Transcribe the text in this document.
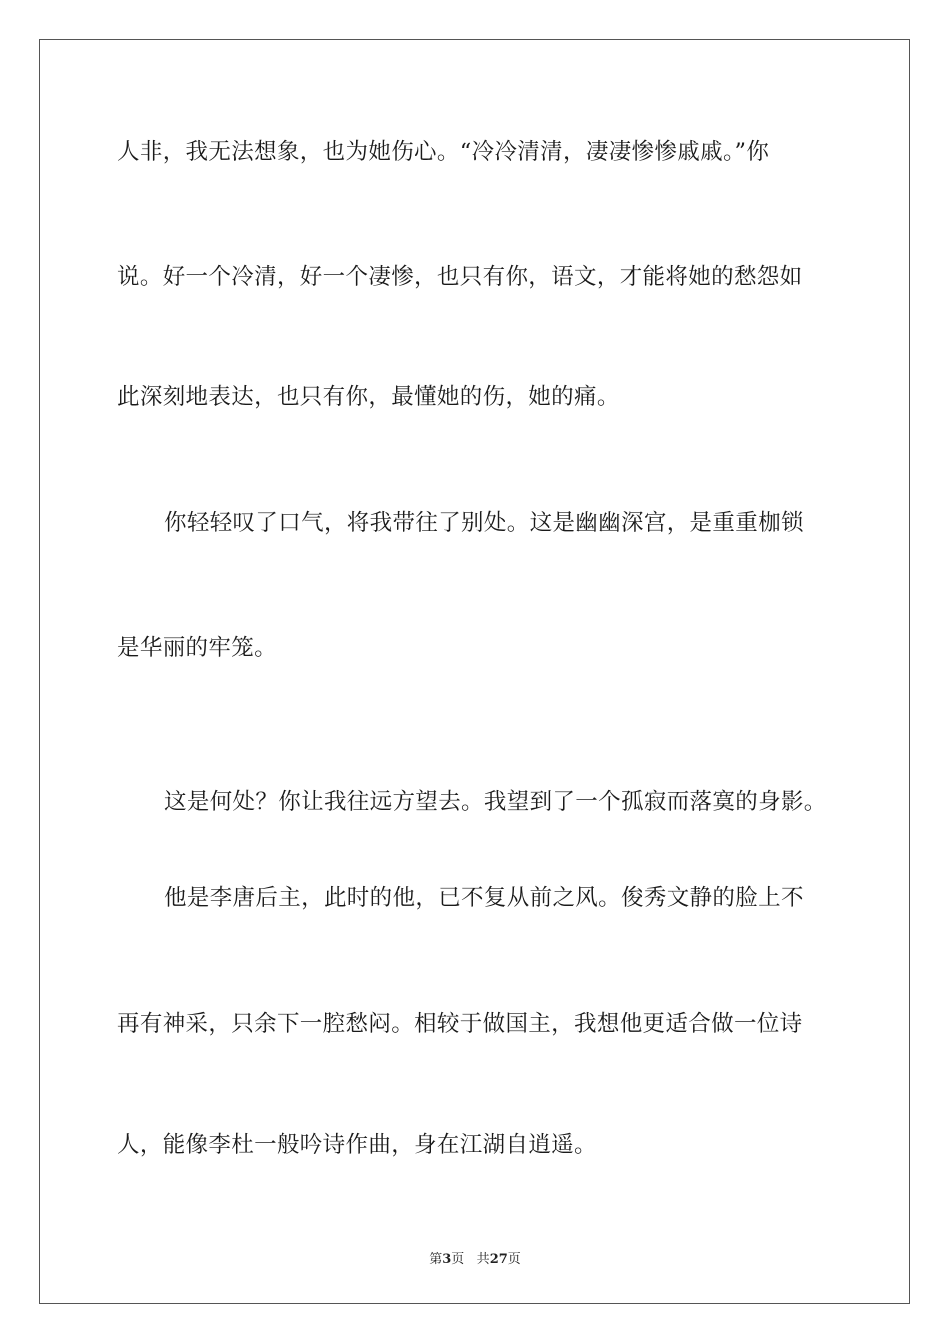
人非，我无法想象，也为她伤心。“冷冷清清，凄凄惨惨戚戚。”你
说。好一个冷清，好一个凄惨，也只有你，语文，才能将她的愁怨如
此深刻地表达，也只有你，最懂她的伤，她的痛。
你轻轻叹了口气，将我带往了别处。这是幽幽深宫，是重重枷锁
是华丽的牢笼。
这是何处？你让我往远方望去。我望到了一个孤寂而落寞的身影。
他是李唐后主，此时的他，已不复从前之风。俊秀文静的脸上不
再有神采，只余下一腔愁闷。相较于做国主，我想他更适合做一位诗
人，能像李杜一般吟诗作曲，身在江湖自逍遥。
第3页 共27页
